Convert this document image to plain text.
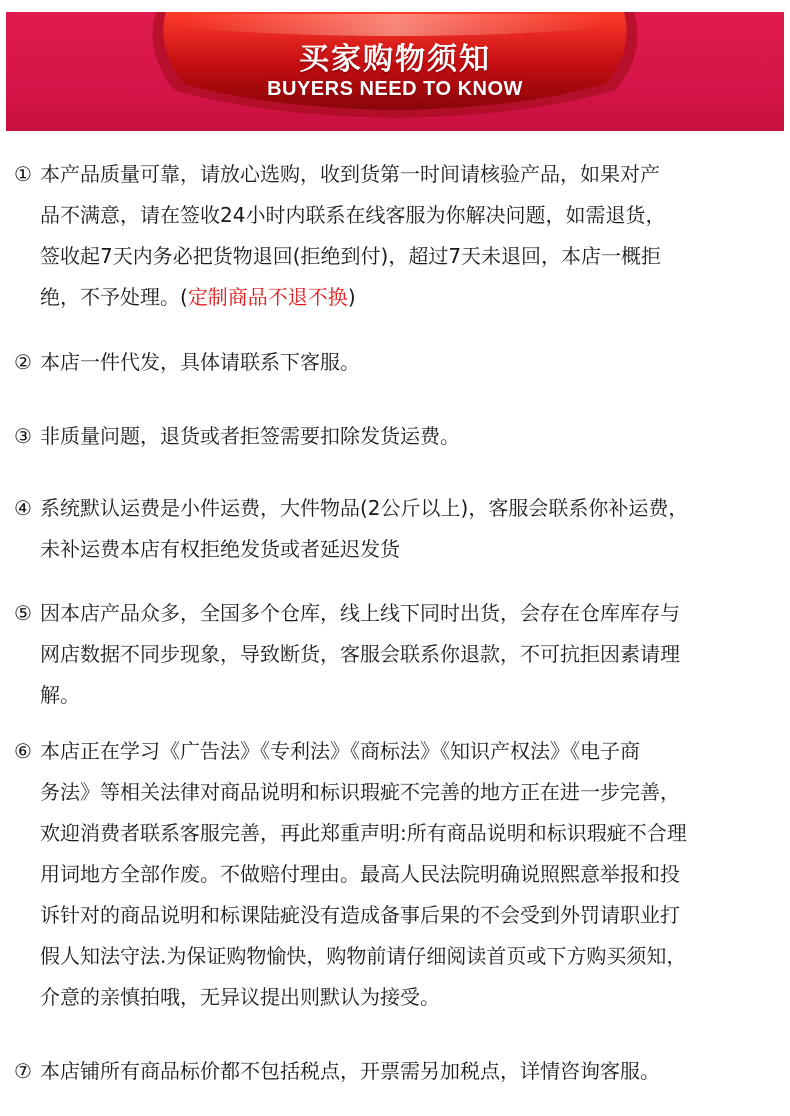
买家购物须知
BUYERS NEED TO KNOW
① 本产品质量可靠，请放心选购，收到货第一时间请核验产品，如果对产
品不满意，请在签收24小时内联系在线客服为你解决问题，如需退货，
签收起7天内务必把货物退回(拒绝到付)，超过7天未退回，本店一概拒
绝，不予处理。(定制商品不退不换)
② 本店一件代发，具体请联系下客服。
③ 非质量问题，退货或者拒签需要扣除发货运费。
④ 系统默认运费是小件运费，大件物品(2公斤以上)，客服会联系你补运费，
未补运费本店有权拒绝发货或者延迟发货
⑤ 因本店产品众多，全国多个仓库，线上线下同时出货，会存在仓库库存与
网店数据不同步现象，导致断货，客服会联系你退款，不可抗拒因素请理
解。
⑥ 本店正在学习《广告法》《专利法》《商标法》《知识产权法》《电子商
务法》等相关法律对商品说明和标识瑕疵不完善的地方正在进一步完善，
欢迎消费者联系客服完善，再此郑重声明:所有商品说明和标识瑕疵不合理
用词地方全部作废。不做赔付理由。最高人民法院明确说照熙意举报和投
诉针对的商品说明和标课陆疵没有造成备事后果的不会受到外罚请职业打
假人知法守法.为保证购物愉快，购物前请仔细阅读首页或下方购买须知，
介意的亲慎拍哦，无异议提出则默认为接受。
⑦ 本店铺所有商品标价都不包括税点，开票需另加税点，详情咨询客服。
